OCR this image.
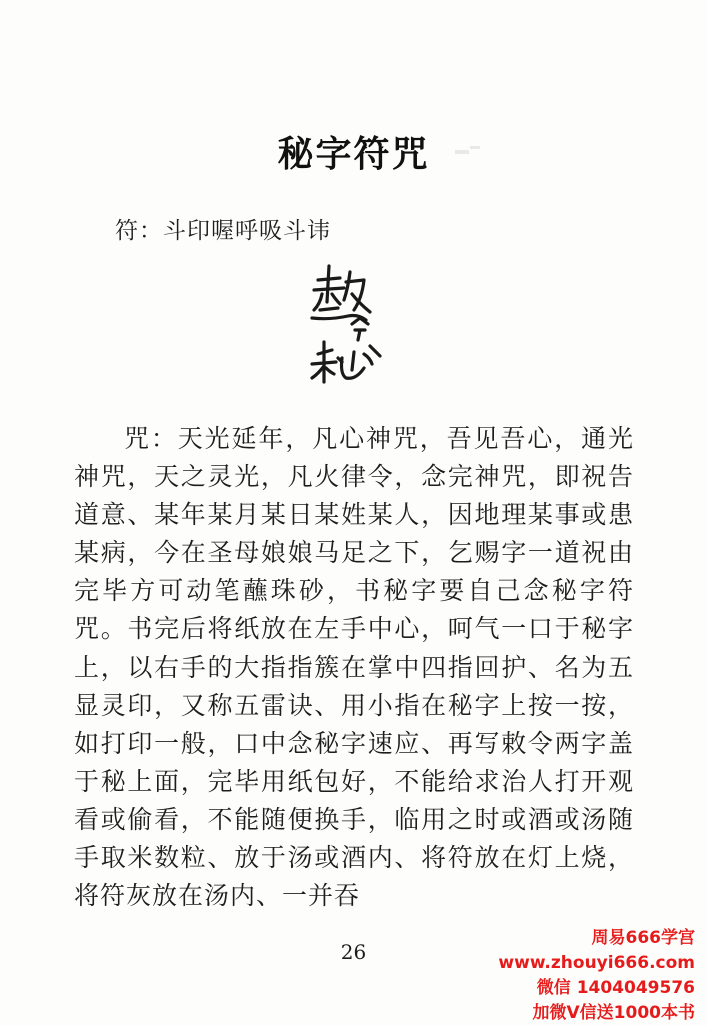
秘字符咒
符：斗印喔呼吸斗讳

咒：天光延年，凡心神咒，吾见吾心，通光神咒，天之灵光，凡火律令，念完神咒，即祝告道意、某年某月某日某姓某人，因地理某事或患某病，今在圣母娘娘马足之下，乞赐字一道祝由完毕方可动笔蘸珠砂，书秘字要自己念秘字符咒。书完后将纸放在左手中心，呵气一口于秘字上，以右手的大指指簇在掌中四指回护、名为五显灵印，又称五雷诀、用小指在秘字上按一按，如打印一般，口中念秘字速应、再写敕令两字盖于秘上面，完毕用纸包好，不能给求治人打开观看或偷看，不能随便换手，临用之时或酒或汤随手取米数粒、放于汤或酒内、将符放在灯上烧，将符灰放在汤内、一并吞

26
周易666学宫
www.zhouyi666.com
微信 1404049576
加微V信送1000本书
